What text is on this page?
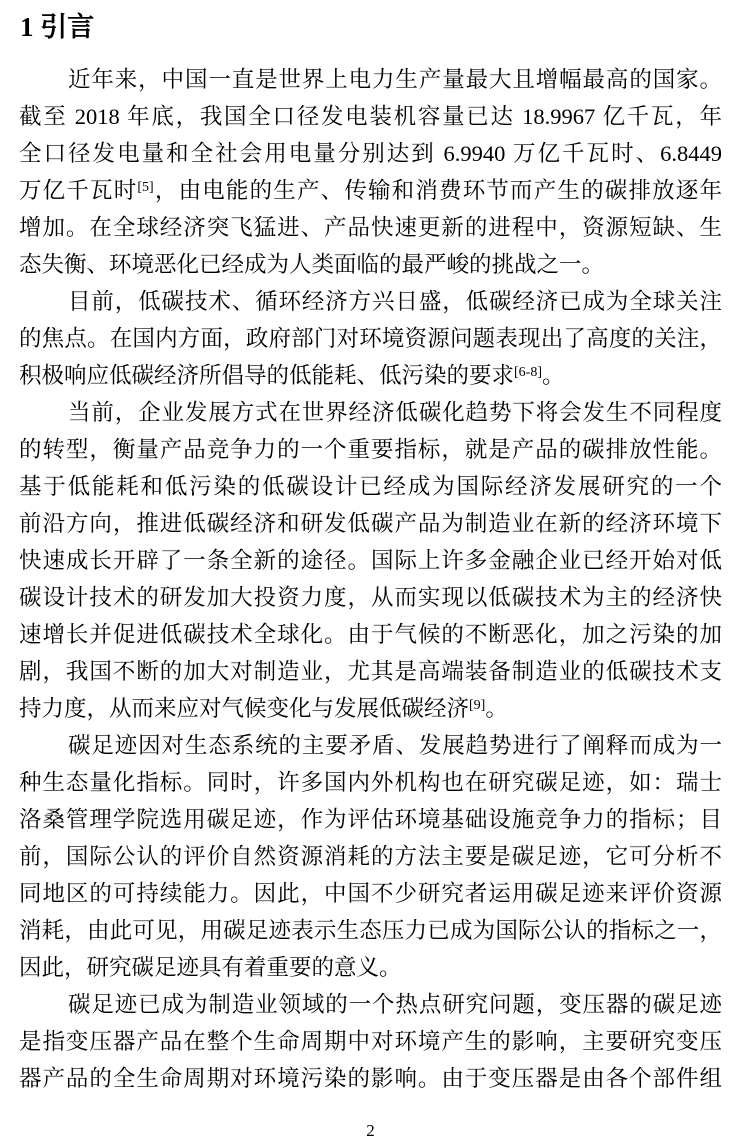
1 引言
近年来，中国一直是世界上电力生产量最大且增幅最高的国家。
截至 2018 年底，我国全口径发电装机容量已达 18.9967 亿千瓦，年
全口径发电量和全社会用电量分别达到 6.9940 万亿千瓦时、6.8449
万亿千瓦时[5]，由电能的生产、传输和消费环节而产生的碳排放逐年
增加。在全球经济突飞猛进、产品快速更新的进程中，资源短缺、生
态失衡、环境恶化已经成为人类面临的最严峻的挑战之一。
目前，低碳技术、循环经济方兴日盛，低碳经济已成为全球关注
的焦点。在国内方面，政府部门对环境资源问题表现出了高度的关注，
积极响应低碳经济所倡导的低能耗、低污染的要求[6-8]。
当前，企业发展方式在世界经济低碳化趋势下将会发生不同程度
的转型，衡量产品竞争力的一个重要指标，就是产品的碳排放性能。
基于低能耗和低污染的低碳设计已经成为国际经济发展研究的一个
前沿方向，推进低碳经济和研发低碳产品为制造业在新的经济环境下
快速成长开辟了一条全新的途径。国际上许多金融企业已经开始对低
碳设计技术的研发加大投资力度，从而实现以低碳技术为主的经济快
速增长并促进低碳技术全球化。由于气候的不断恶化，加之污染的加
剧，我国不断的加大对制造业，尤其是高端装备制造业的低碳技术支
持力度，从而来应对气候变化与发展低碳经济[9]。
碳足迹因对生态系统的主要矛盾、发展趋势进行了阐释而成为一
种生态量化指标。同时，许多国内外机构也在研究碳足迹，如：瑞士
洛桑管理学院选用碳足迹，作为评估环境基础设施竞争力的指标；目
前，国际公认的评价自然资源消耗的方法主要是碳足迹，它可分析不
同地区的可持续能力。因此，中国不少研究者运用碳足迹来评价资源
消耗，由此可见，用碳足迹表示生态压力已成为国际公认的指标之一，
因此，研究碳足迹具有着重要的意义。
碳足迹已成为制造业领域的一个热点研究问题，变压器的碳足迹
是指变压器产品在整个生命周期中对环境产生的影响，主要研究变压
器产品的全生命周期对环境污染的影响。由于变压器是由各个部件组
2
